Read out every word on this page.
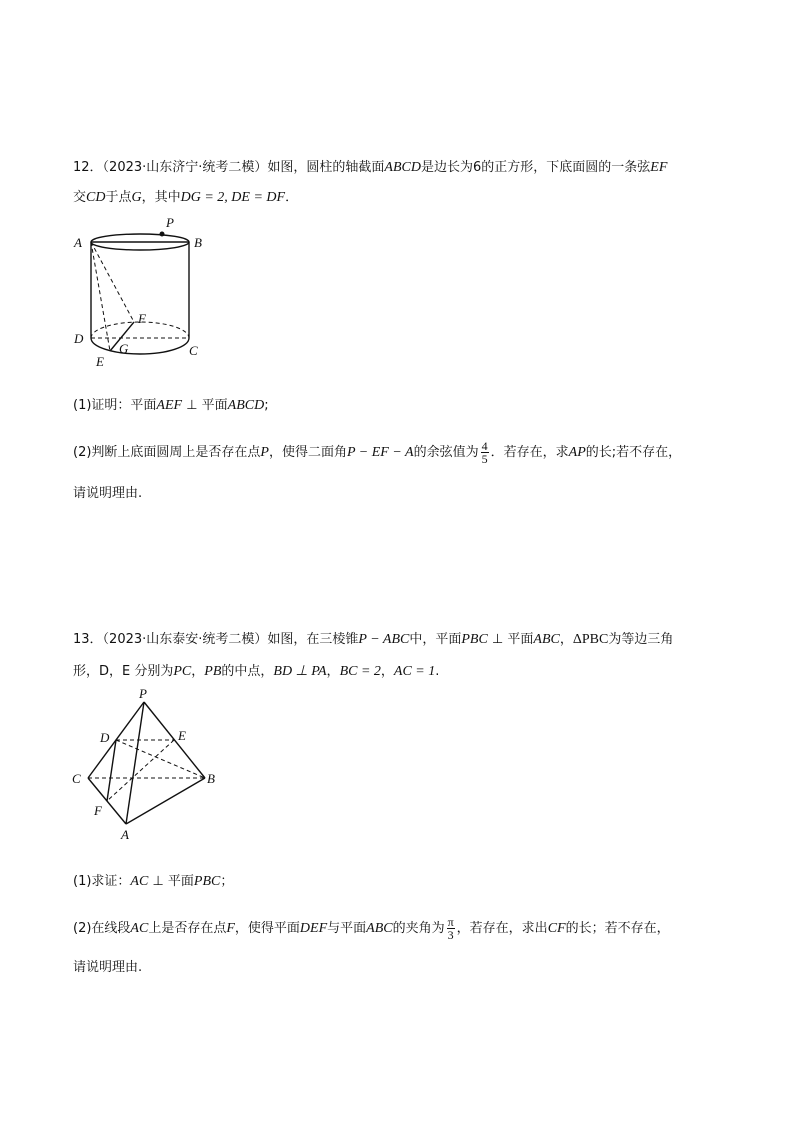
12．（2023·山东济宁·统考二模）如图，圆柱的轴截面ABCD是边长为6的正方形，下底面圆的一条弦EF
交CD于点G，其中DG = 2, DE = DF．
P
A	B
F
D
G	C
E
(1)证明：平面AEF ⊥ 平面ABCD;
(2)判断上底面圆周上是否存在点P，使得二面角P − EF − A的余弦值为 $\frac{4}{5}$ ．若存在，求AP的长;若不存在，
请说明理由.
13．（2023·山东泰安·统考二模）如图，在三棱锥P − ABC中，平面PBC ⊥ 平面ABC，ΔPBC为等边三角
形，D，E 分别为PC，PB的中点，BD ⊥ PA，BC = 2，AC = 1.
P
D	E
C	B
F
A
(1)求证：AC ⊥ 平面PBC；
(2)在线段AC上是否存在点F，使得平面DEF与平面ABC的夹角为 $\frac{\pi}{3}$ ，若存在，求出CF的长；若不存在，
请说明理由.
